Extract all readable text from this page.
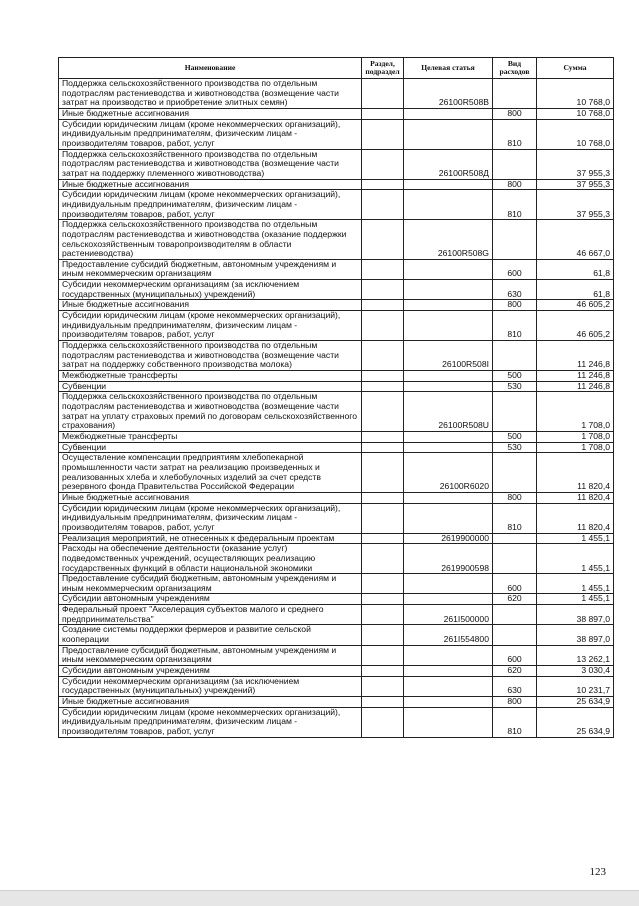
Наименование	Раздел, подраздел	Целевая статья	Вид расходов	Сумма
Поддержка сельскохозяйственного производства по отдельным подотраслям растениеводства и животноводства (возмещение части затрат на производство и приобретение элитных семян)		26100R508B		10 768,0
Иные бюджетные ассигнования			800	10 768,0
Субсидии юридическим лицам (кроме некоммерческих организаций), индивидуальным предпринимателям, физическим лицам - производителям товаров, работ, услуг			810	10 768,0
Поддержка сельскохозяйственного производства по отдельным подотраслям растениеводства и животноводства (возмещение части затрат на поддержку племенного животноводства)		26100R508Д		37 955,3
Иные бюджетные ассигнования			800	37 955,3
Субсидии юридическим лицам (кроме некоммерческих организаций), индивидуальным предпринимателям, физическим лицам - производителям товаров, работ, услуг			810	37 955,3
Поддержка сельскохозяйственного производства по отдельным подотраслям растениеводства и животноводства (оказание поддержки сельскохозяйственным товаропроизводителям в области растениеводства)		26100R508G		46 667,0
Предоставление субсидий бюджетным, автономным учреждениям и иным некоммерческим организациям			600	61,8
Субсидии некоммерческим организациям (за исключением государственных (муниципальных) учреждений)			630	61,8
Иные бюджетные ассигнования			800	46 605,2
Субсидии юридическим лицам (кроме некоммерческих организаций), индивидуальным предпринимателям, физическим лицам - производителям товаров, работ, услуг			810	46 605,2
Поддержка сельскохозяйственного производства по отдельным подотраслям растениеводства и животноводства (возмещение части затрат на поддержку собственного производства молока)		26100R508I		11 246,8
Межбюджетные трансферты			500	11 246,8
Субвенции			530	11 246,8
Поддержка сельскохозяйственного производства по отдельным подотраслям растениеводства и животноводства (возмещение части затрат на уплату страховых премий по договорам сельскохозяйственного страхования)		26100R508U		1 708,0
Межбюджетные трансферты			500	1 708,0
Субвенции			530	1 708,0
Осуществление компенсации предприятиям хлебопекарной промышленности части затрат на реализацию произведенных и реализованных хлеба и хлебобулочных изделий за счет средств резервного фонда Правительства Российской Федерации		26100R6020		11 820,4
Иные бюджетные ассигнования			800	11 820,4
Субсидии юридическим лицам (кроме некоммерческих организаций), индивидуальным предпринимателям, физическим лицам - производителям товаров, работ, услуг			810	11 820,4
Реализация мероприятий, не отнесенных к федеральным проектам		2619900000		1 455,1
Расходы на обеспечение деятельности (оказание услуг) подведомственных учреждений, осуществляющих реализацию государственных функций в области национальной экономики		2619900598		1 455,1
Предоставление субсидий бюджетным, автономным учреждениям и иным некоммерческим организациям			600	1 455,1
Субсидии автономным учреждениям			620	1 455,1
Федеральный проект "Акселерация субъектов малого и среднего предпринимательства"		261I500000		38 897,0
Создание системы поддержки фермеров и развитие сельской кооперации		261I554800		38 897,0
Предоставление субсидий бюджетным, автономным учреждениям и иным некоммерческим организациям			600	13 262,1
Субсидии автономным учреждениям			620	3 030,4
Субсидии некоммерческим организациям (за исключением государственных (муниципальных) учреждений)			630	10 231,7
Иные бюджетные ассигнования			800	25 634,9
Субсидии юридическим лицам (кроме некоммерческих организаций), индивидуальным предпринимателям, физическим лицам - производителям товаров, работ, услуг			810	25 634,9
123
